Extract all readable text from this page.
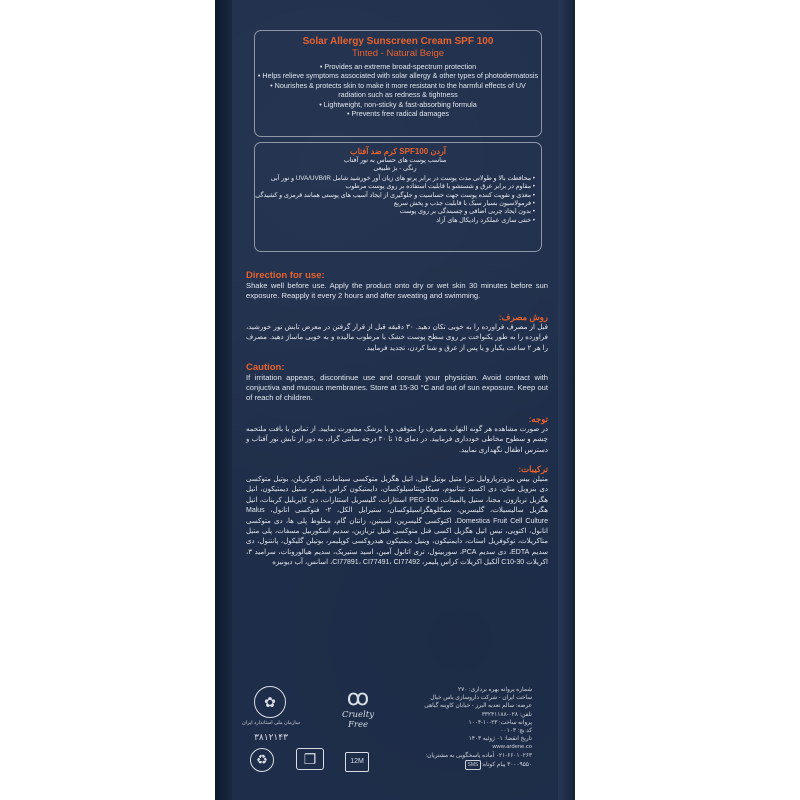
Solar Allergy Sunscreen Cream SPF 100
Tinted - Natural Beige
• Provides an extreme broad-spectrum protection
• Helps relieve symptoms associated with solar allergy & other types of photodermatosis
• Nourishes & protects skin to make it more resistant to the harmful effects of UV
radiation such as redness & tightness
• Lightweight, non-sticky & fast-absorbing formula
• Prevents free radical damages
کرم ضد آفتاب SPF100 آردن
مناسب پوست های حساس به نور آفتاب
رنگی - بژ طبیعی
• محافظت بالا و طولانی مدت پوست در برابر پرتو های زیان آور خورشید شامل UVA/UVB/IR و نور آبی
• مقاوم در برابر عرق و شستشو با قابلیت استفاده بر روی پوست مرطوب
• مغذی و تقویت کننده پوست جهت حساسیت و جلوگیری از ایجاد آسیب های پوستی همانند قرمزی و کشیدگی
• فرمولاسیون بسیار سبک با قابلیت جذب و پخش سریع
• بدون ایجاد چربی اضافی و چسبندگی بر روی پوست
• خنثی سازی عملکرد رادیکال های آزاد
Direction for use:
Shake well before use. Apply the product onto dry or wet skin 30 minutes before sun exposure. Reapply it every 2 hours and after sweating and swimming.
روش مصرف:
قبل از مصرف فراورده را به خوبی تکان دهید. ۳۰ دقیقه قبل از قرار گرفتن در معرض تابش نور خورشید، فراورده را به طور یکنواخت بر روی سطح پوست خشک یا مرطوب مالیده و به خوبی ماساژ دهید. مصرف را هر ۲ ساعت یکبار و یا پس از عرق و شنا کردن، تجدید فرمایید.
Caution:
If irritation appears, discontinue use and consult your physician. Avoid contact with conjuctiva and mucous membranes. Store at 15-30 °C and out of sun exposure. Keep out of reach of children.
توجه:
در صورت مشاهده هر گونه التهاب مصرف را متوقف و با پزشک مشورت نمایید. از تماس با بافت ملتحمه چشم و سطوح مخاطی خودداری فرمایید. در دمای ۱۵ تا ۳۰ درجه سانتی گراد، به دور از تابش نور آفتاب و دسترس اطفال نگهداری نمایید.
ترکیبات:
متیلن بیس بنزوتریازولیل تترا متیل بوتیل فنل، اتیل هگزیل متوکسی سینامات، اکتوکریلن، بوتیل متوکسی دی بنزویل متان، دی اکسید تیتانیوم، سیکلوپنتاسیلوکسان، دایمتیکون کراس پلیمر، ستیل دیمتیکون، اتیل هگزیل تریازون، مجنا، ستیل پالمیتات، PEG-100 استئارات، گلیسریل استئارات، دی کاپریلیل کربنات، اتیل هگزیل سالیسیلات، گلیسرین، سیکلوهگزاسیلوکسان، ستیرایل الکل، ۲- فنوکسی اتانول، Malus Domestica Fruit Cell Culture، اکتوکسی گلیسرین، لسیتین، زانتان گام، مخلوط پلی ها، دی متوکسی اتانول، اکتوپی، تیس اتیل هگزیل اکسی فنل متوکسی فنیل تریازین، سدیم اسکوربیل مسفات، پلی متیل متاکریلات، توکوفریل استات، دایمتیکون، وینیل دیمتیکون هیدروکسی کوپلیمر، بوتیلن گلیکول، پانتنول، دی سدیم EDTA، دی سدیم PCA، سوربیتول، تری اتانول آمین، اسید ستیریک، سدیم هیالورونات، سرامید ۳، اکریلات C10-30 آلکیل اکریلات کراس پلیمر، CI77891، CI77491، CI77492، اسانس، آب دیونیزه
✿
سازمان ملی استاندارد ایران
۳۸۱۲۱۴۳
ꝏ
Cruelty Free
♻	❐	12M
شماره پروانه بهره برداری: ۲۷۰
ساخت ایران - شرکت داروسازی یاس خیال
عرضه: سالم تعدیه البرز - خیابان کاوینه گیاهی
تلفن: ۰۲۸-۳۳۲۴۱۱۸۸
پروانه ساخت: ۲۳-۱۰-۱۰۰۴
کد بچ: ۰۰۱۰۳
تاریخ انقضا: ۰۱ ژوئیه ۱۴۰۳
www.ardene.co
۰۲۱-۶۶۰۱۰۲۶۳ آماده پاسخگویی به مشتریان:
۳۰۰۰۹۵۵۰ پیام کوتاه:SMS
